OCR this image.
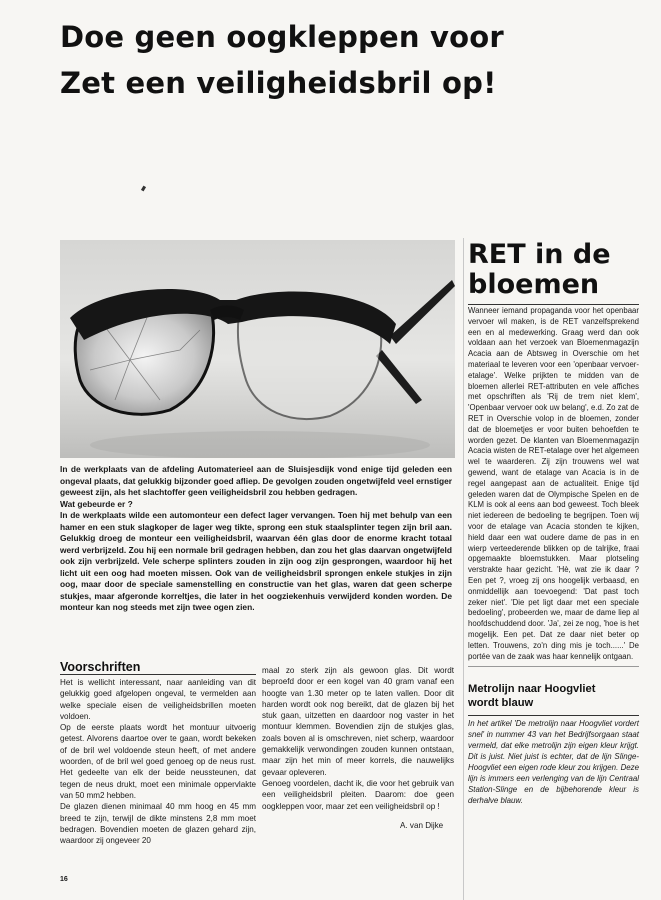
Doe geen oogkleppen voor
Zet een veiligheidsbril op!

In de werkplaats van de afdeling Automaterieel aan de Sluisjesdijk vond enige tijd geleden een ongeval plaats, dat gelukkig bijzonder goed afliep. De gevolgen zouden ongetwijfeld veel ernstiger geweest zijn, als het slachtoffer geen veiligheidsbril zou hebben gedragen.

Wat gebeurde er ?

In de werkplaats wilde een automonteur een defect lager vervangen. Toen hij met behulp van een hamer en een stuk slagkoper de lager weg tikte, sprong een stuk staalsplinter tegen zijn bril aan. Gelukkig droeg de monteur een veiligheidsbril, waarvan één glas door de enorme kracht totaal werd verbrijzeld. Zou hij een normale bril gedragen hebben, dan zou het glas daarvan ongetwijfeld ook zijn verbrijzeld. Vele scherpe splinters zouden in zijn oog zijn gesprongen, waardoor hij het licht uit een oog had moeten missen. Ook van de veiligheidsbril sprongen enkele stukjes in zijn oog, maar door de speciale samenstelling en constructie van het glas, waren dat geen scherpe stukjes, maar afgeronde korreltjes, die later in het oogziekenhuis verwijderd konden worden. De monteur kan nog steeds met zijn twee ogen zien.

Voorschriften

Het is wellicht interessant, naar aanleiding van dit gelukkig goed afgelopen ongeval, te vermelden aan welke speciale eisen de veiligheidsbrillen moeten voldoen.

Op de eerste plaats wordt het montuur uitvoerig getest. Alvorens daartoe over te gaan, wordt bekeken of de bril wel voldoende steun heeft, of met andere woorden, of de bril wel goed genoeg op de neus rust. Het gedeelte van elk der beide neussteunen, dat tegen de neus drukt, moet een minimale oppervlakte van 50 mm2 hebben.

De glazen dienen minimaal 40 mm hoog en 45 mm breed te zijn, terwijl de dikte minstens 2,8 mm moet bedragen. Bovendien moeten de glazen gehard zijn, waardoor zij ongeveer 20

maal zo sterk zijn als gewoon glas. Dit wordt beproefd door er een kogel van 40 gram vanaf een hoogte van 1.30 meter op te laten vallen. Door dit harden wordt ook nog bereikt, dat de glazen bij het stuk gaan, uitzetten en daardoor nog vaster in het montuur klemmen. Bovendien zijn de stukjes glas, zoals boven al is omschreven, niet scherp, waardoor gemakkelijk verwondingen zouden kunnen ontstaan, maar zijn het min of meer korrels, die nauwelijks gevaar opleveren.

Genoeg voordelen, dacht ik, die voor het gebruik van een veiligheidsbril pleiten. Daarom: doe geen oogkleppen voor, maar zet een veiligheidsbril op !

A. van Dijke
16
RET in de
bloemen
Wanneer iemand propaganda voor het openbaar vervoer wil maken, is de RET vanzelfsprekend een en al medewerking. Graag werd dan ook voldaan aan het verzoek van Bloemenmagazijn Acacia aan de Abtsweg in Overschie om het materiaal te leveren voor een 'openbaar vervoer-etalage'. Welke prijkten te midden van de bloemen allerlei RET-attributen en vele affiches met opschriften als 'Rij de trem niet klem', 'Openbaar vervoer ook uw belang', e.d. Zo zat de RET in Overschie volop in de bloemen, zonder dat de bloemetjes er voor buiten behoefden te worden gezet. De klanten van Bloemenmagazijn Acacia wisten de RET-etalage over het algemeen wel te waarderen. Zij zijn trouwens wel wat gewend, want de etalage van Acacia is in de regel aangepast aan de actualiteit. Enige tijd geleden waren dat de Olympische Spelen en de KLM is ook al eens aan bod geweest. Toch bleek niet iedereen de bedoeling te begrijpen. Toen wij voor de etalage van Acacia stonden te kijken, hield daar een wat oudere dame de pas in en wierp verteederende blikken op de talrijke, fraai opgemaakte bloemstukken. Maar plotseling verstrakte haar gezicht. 'Hè, wat zie ik daar ? Een pet ?, vroeg zij ons hoogelijk verbaasd, en onmiddellijk aan toevoegend: 'Dat past toch zeker niet'. 'Die pet ligt daar met een speciale bedoeling', probeerden we, maar de dame liep al hoofdschuddend door. 'Ja', zei ze nog, 'hoe is het mogelijk. Een pet. Dat ze daar niet beter op letten. Trouwens, zo'n ding mis je toch......' De portée van de zaak was haar kennelijk ontgaan.
Metrolijn naar Hoogvliet
wordt blauw

In het artikel 'De metrolijn naar Hoogvliet vordert snel' in nummer 43 van het Bedrijfsorgaan staat vermeld, dat elke metrolijn zijn eigen kleur krijgt. Dit is juist. Niet juist is echter, dat de lijn Slinge-Hoogvliet een eigen rode kleur zou krijgen. Deze lijn is immers een verlenging van de lijn Centraal Station-Slinge en de bijbehorende kleur is derhalve blauw.
